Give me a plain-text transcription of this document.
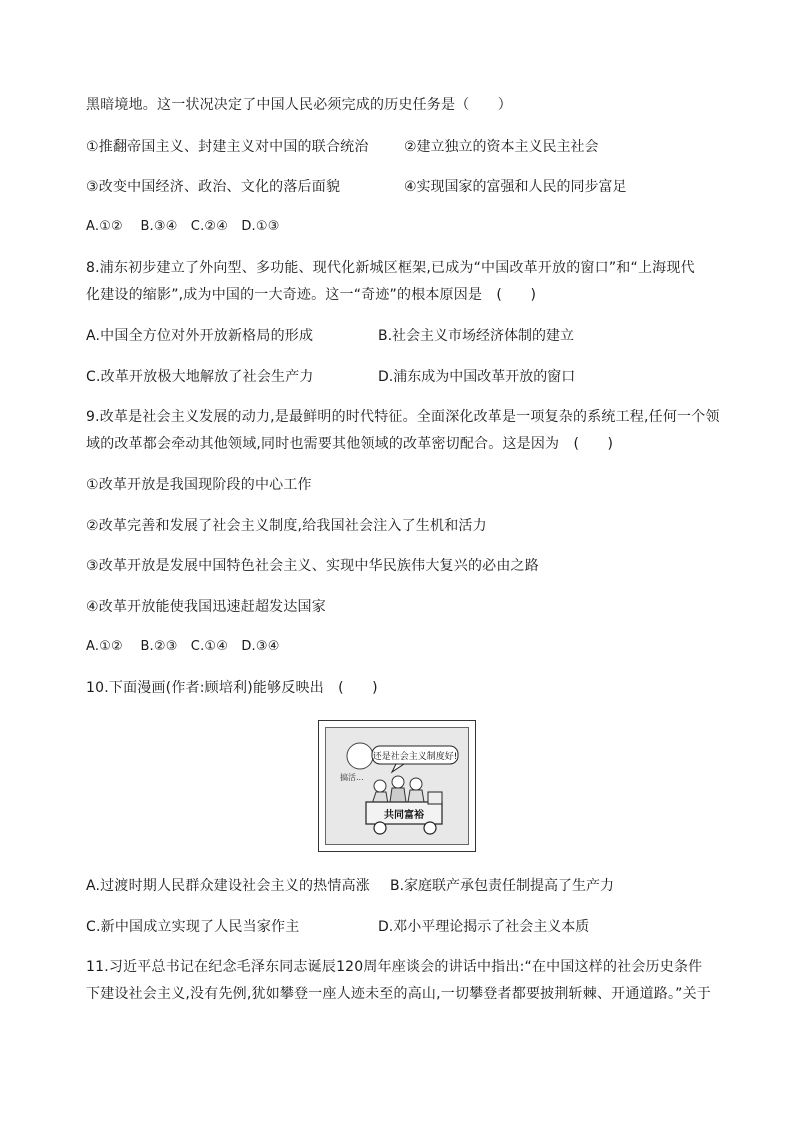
黑暗境地。这一状况决定了中国人民必须完成的历史任务是（　　）
①推翻帝国主义、封建主义对中国的联合统治	②建立独立的资本主义民主社会
③改变中国经济、政治、文化的落后面貌	④实现国家的富强和人民的同步富足
A.①②　 B.③④　C.②④　D.①③
8.浦东初步建立了外向型、多功能、现代化新城区框架,已成为“中国改革开放的窗口”和“上海现代
化建设的缩影”,成为中国的一大奇迹。这一“奇迹”的根本原因是　(　　)
A.中国全方位对外开放新格局的形成	B.社会主义市场经济体制的建立
C.改革开放极大地解放了社会生产力	D.浦东成为中国改革开放的窗口
9.改革是社会主义发展的动力,是最鲜明的时代特征。全面深化改革是一项复杂的系统工程,任何一个领
域的改革都会牵动其他领域,同时也需要其他领域的改革密切配合。这是因为　(　　)
①改革开放是我国现阶段的中心工作
②改革完善和发展了社会主义制度,给我国社会注入了生机和活力
③改革开放是发展中国特色社会主义、实现中华民族伟大复兴的必由之路
④改革开放能使我国迅速赶超发达国家
A.①②　 B.②③　C.①④　D.③④
10.下面漫画(作者:顾培利)能够反映出　(　　)
还是社会主义制度好!
搞活...
共同富裕
A.过渡时期人民群众建设社会主义的热情高涨 B.家庭联产承包责任制提高了生产力
C.新中国成立实现了人民当家作主	D.邓小平理论揭示了社会主义本质
11.习近平总书记在纪念毛泽东同志诞辰120周年座谈会的讲话中指出:“在中国这样的社会历史条件
下建设社会主义,没有先例,犹如攀登一座人迹未至的高山,一切攀登者都要披荆斩棘、开通道路。”关于
